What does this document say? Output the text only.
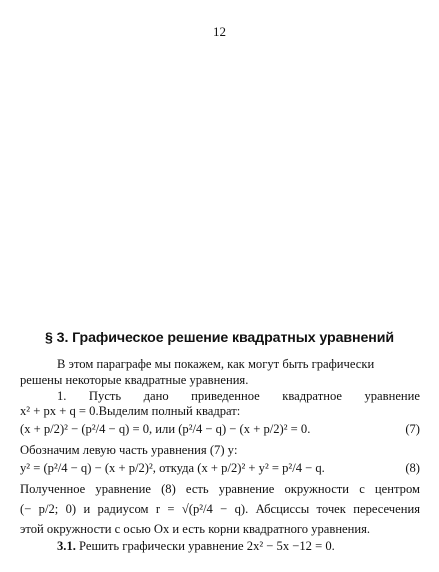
12
§ 3. Графическое решение квадратных уравнений
В этом параграфе мы покажем, как могут быть графически
решены некоторые квадратные уравнения.
1. Пусть дано приведенное квадратное уравнение
x² + px + q = 0.Выделим полный квадрат:
(x + p/2)² − (p²/4 − q) = 0, или (p²/4 − q) − (x + p/2)² = 0.	(7)
Обозначим левую часть уравнения (7) y:
y² = (p²/4 − q) − (x + p/2)², откуда (x + p/2)² + y² = p²/4 − q.	(8)
Полученное уравнение (8) есть уравнение окружности с центром
(− p/2; 0) и радиусом r = √(p²/4 − q). Абсциссы точек пересечения
этой окружности с осью Ox и есть корни квадратного уравнения.
3.1. Решить графически уравнение 2x² − 5x −12 = 0.
